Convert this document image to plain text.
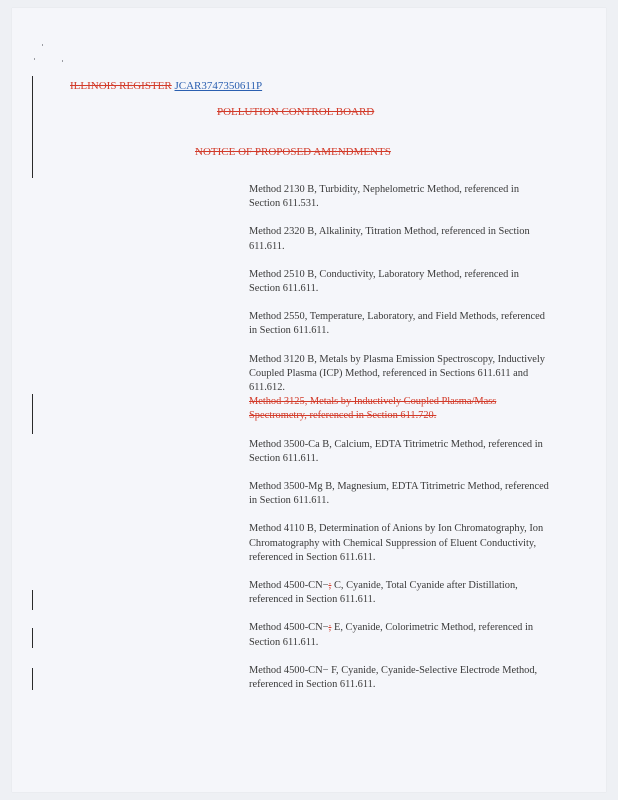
ILLINOIS REGISTER JCAR3747350611P
POLLUTION CONTROL BOARD
NOTICE OF PROPOSED AMENDMENTS
Method 2130 B, Turbidity, Nephelometric Method, referenced in Section 611.531.
Method 2320 B, Alkalinity, Titration Method, referenced in Section 611.611.
Method 2510 B, Conductivity, Laboratory Method, referenced in Section 611.611.
Method 2550, Temperature, Laboratory, and Field Methods, referenced in Section 611.611.
Method 3120 B, Metals by Plasma Emission Spectroscopy, Inductively Coupled Plasma (ICP) Method, referenced in Sections 611.611 and 611.612.
Method 3125, Metals by Inductively Coupled Plasma/Mass Spectrometry, referenced in Section 611.720.
Method 3500-Ca B, Calcium, EDTA Titrimetric Method, referenced in Section 611.611.
Method 3500-Mg B, Magnesium, EDTA Titrimetric Method, referenced in Section 611.611.
Method 4110 B, Determination of Anions by Ion Chromatography, Ion Chromatography with Chemical Suppression of Eluent Conductivity, referenced in Section 611.611.
Method 4500-CN−; C, Cyanide, Total Cyanide after Distillation, referenced in Section 611.611.
Method 4500-CN−; E, Cyanide, Colorimetric Method, referenced in Section 611.611.
Method 4500-CN− F, Cyanide, Cyanide-Selective Electrode Method, referenced in Section 611.611.
